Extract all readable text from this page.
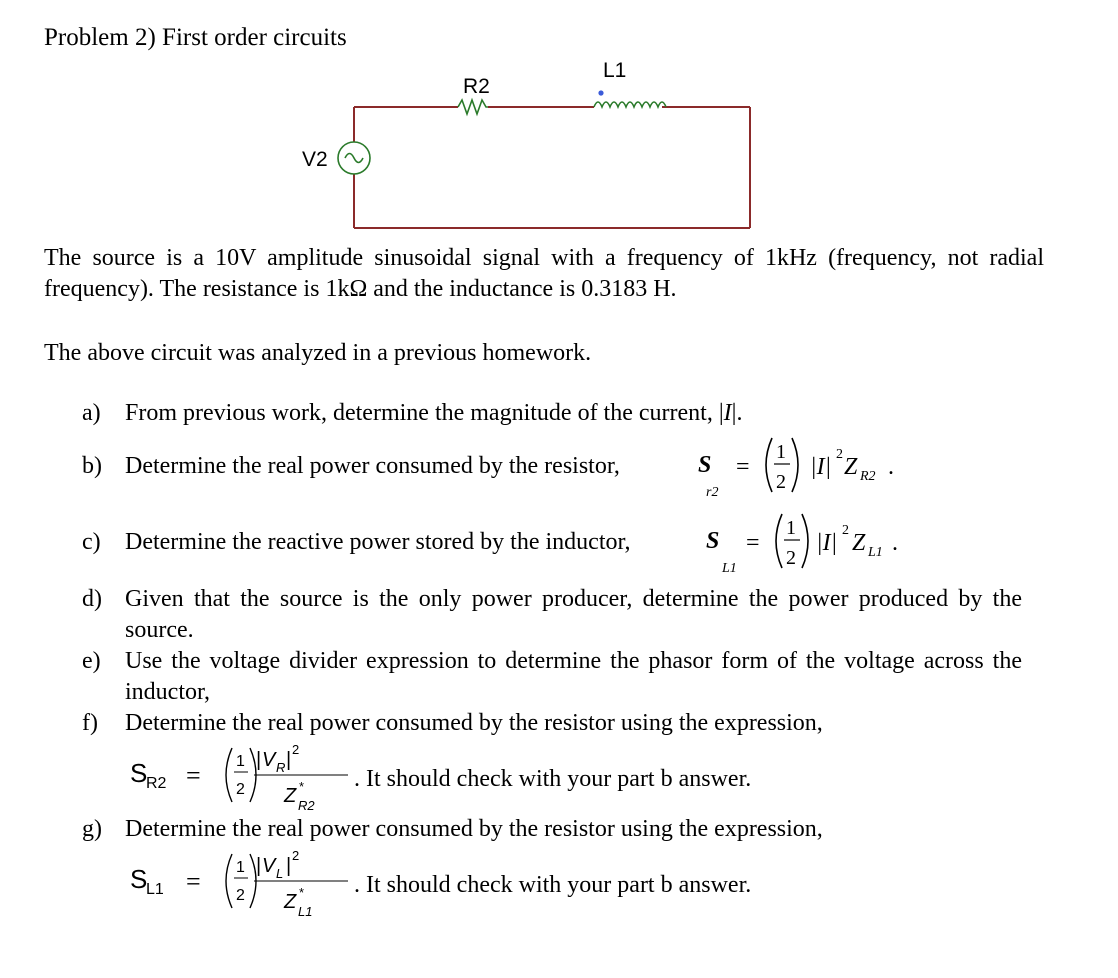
Problem 2) First order circuits
V2
R2
L1
The source is a 10V amplitude sinusoidal signal with a frequency of 1kHz (frequency, not radial frequency). The resistance is 1kΩ and the inductance is 0.3183 H.
The above circuit was analyzed in a previous homework.
a) From previous work, determine the magnitude of the current, |I|.
b) Determine the real power consumed by the resistor,	S
r2
=
1
2
|I| 2 Z R2 .
c) Determine the reactive power stored by the inductor,	S
L1
=
1
2
|I| 2 Z L1 .
d) Given that the source is the only power producer, determine the power produced by the source.
e) Use the voltage divider expression to determine the phasor form of the voltage across the inductor,
f) Determine the real power consumed by the resistor using the expression,
S
R2 = 1
2
| V R | 2
Z *
R2
. It should check with your part b answer.
g) Determine the real power consumed by the resistor using the expression,
S
L1 = 1
2
| V L | 2
Z *
L1
. It should check with your part b answer.
